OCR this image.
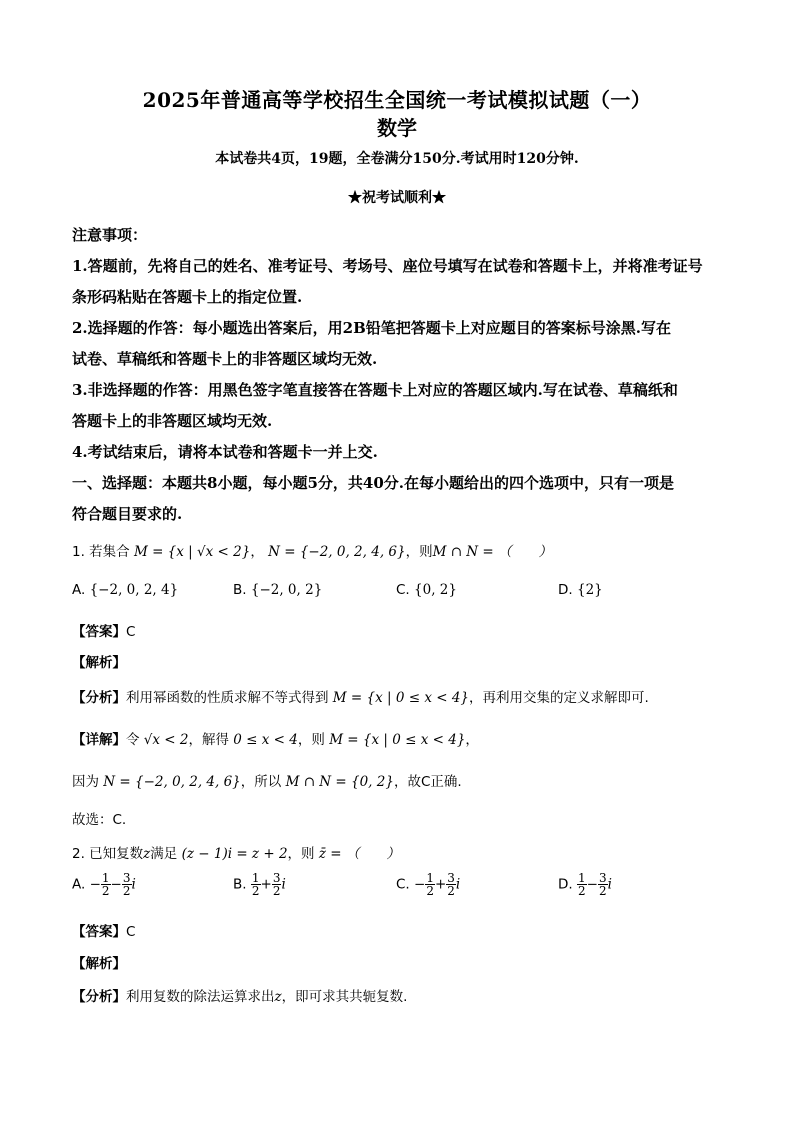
2025年普通高等学校招生全国统一考试模拟试题（一）
数学
本试卷共4页，19题，全卷满分150分.考试用时120分钟.
★祝考试顺利★
注意事项：
1.答题前，先将自己的姓名、准考证号、考场号、座位号填写在试卷和答题卡上，并将准考证号
条形码粘贴在答题卡上的指定位置.
2.选择题的作答：每小题选出答案后，用2B铅笔把答题卡上对应题目的答案标号涂黑.写在
试卷、草稿纸和答题卡上的非答题区域均无效.
3.非选择题的作答：用黑色签字笔直接答在答题卡上对应的答题区域内.写在试卷、草稿纸和
答题卡上的非答题区域均无效.
4.考试结束后，请将本试卷和答题卡一并上交.
一、选择题：本题共8小题，每小题5分，共40分.在每小题给出的四个选项中，只有一项是
符合题目要求的.
1. 若集合 M = {x | √x < 2}， N = {−2, 0, 2, 4, 6}，则M ∩ N = （　　）
A. {−2, 0, 2, 4}	B. {−2, 0, 2}	C. {0, 2}	D. {2}
【答案】C
【解析】
【分析】利用幂函数的性质求解不等式得到 M = {x | 0 ≤ x < 4}，再利用交集的定义求解即可.
【详解】令 √x < 2，解得 0 ≤ x < 4，则 M = {x | 0 ≤ x < 4}，
因为 N = {−2, 0, 2, 4, 6}，所以 M ∩ N = {0, 2}，故C正确.
故选：C.
2. 已知复数z满足 (z − 1)i = z + 2，则 z̄ = （　　）
A. − $\frac{1}{2} - \frac{3}{2}$ i	B. $\frac{1}{2} + \frac{3}{2}$ i	C. − $\frac{1}{2} + \frac{3}{2}$ i	D. $\frac{1}{2} - \frac{3}{2}$ i
【答案】C
【解析】
【分析】利用复数的除法运算求出z，即可求其共轭复数.
